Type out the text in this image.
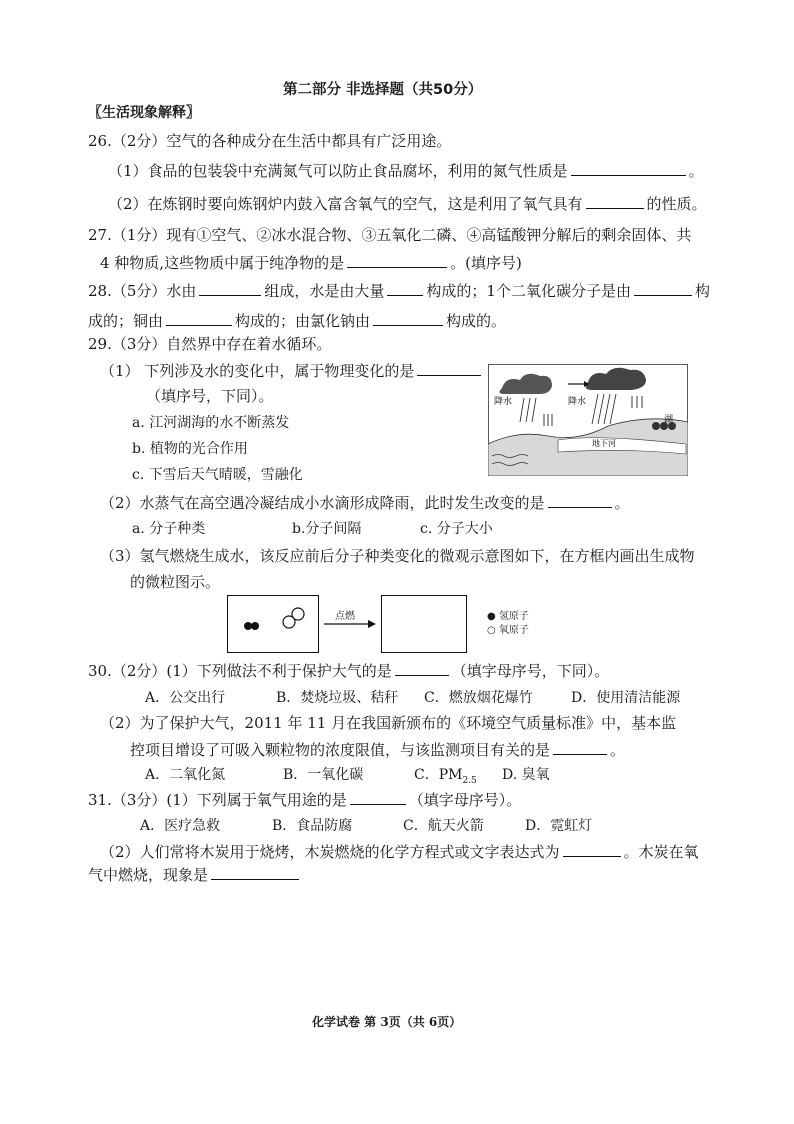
第二部分 非选择题（共50分）
〖生活现象解释〗
26.（2分）空气的各种成分在生活中都具有广泛用途。
（1）食品的包装袋中充满氮气可以防止食品腐坏，利用的氮气性质是	。
（2）在炼钢时要向炼钢炉内鼓入富含氧气的空气，这是利用了氧气具有	的性质。
27.（1分）现有①空气、②冰水混合物、③五氧化二磷、④高锰酸钾分解后的剩余固体、共
4 种物质,这些物质中属于纯净物的是	。(填序号)
28.（5分）水由	组成，水是由大量	构成的；1个二氧化碳分子是由	构
成的；铜由	构成的；由氯化钠由	构成的。
29.（3分）自然界中存在着水循环。
（1） 下列涉及水的变化中，属于物理变化的是
（填序号，下同）。
a. 江河湖海的水不断蒸发
b. 植物的光合作用
c. 下雪后天气晴暖，雪融化
降水	降水
湖
地下河
（2）水蒸气在高空遇冷凝结成小水滴形成降雨，此时发生改变的是	。
a. 分子种类	b.分子间隔	c. 分子大小
（3）氢气燃烧生成水，该反应前后分子种类变化的微观示意图如下，在方框内画出生成物
的微粒图示。
点燃	● 氢原子
○ 氧原子
30.（2分）(1）下列做法不利于保护大气的是	（填字母序号，下同）。
A．公交出行	B．焚烧垃圾、秸秆 C．燃放烟花爆竹	D．使用清洁能源
（2）为了保护大气，2011 年 11 月在我国新颁布的《环境空气质量标准》中，基本监
控项目增设了可吸入颗粒物的浓度限值，与该监测项目有关的是	。
A．二氧化氮	B．一氧化碳	C．$PM_{2.5}$ D. 臭氧
31.（3分）(1）下列属于氧气用途的是	（填字母序号）。
A．医疗急救	B．食品防腐	C．航天火箭	D．霓虹灯
（2）人们常将木炭用于烧烤，木炭燃烧的化学方程式或文字表达式为	。木炭在氧
气中燃烧，现象是
化学试卷 第 3页（共 6页）
